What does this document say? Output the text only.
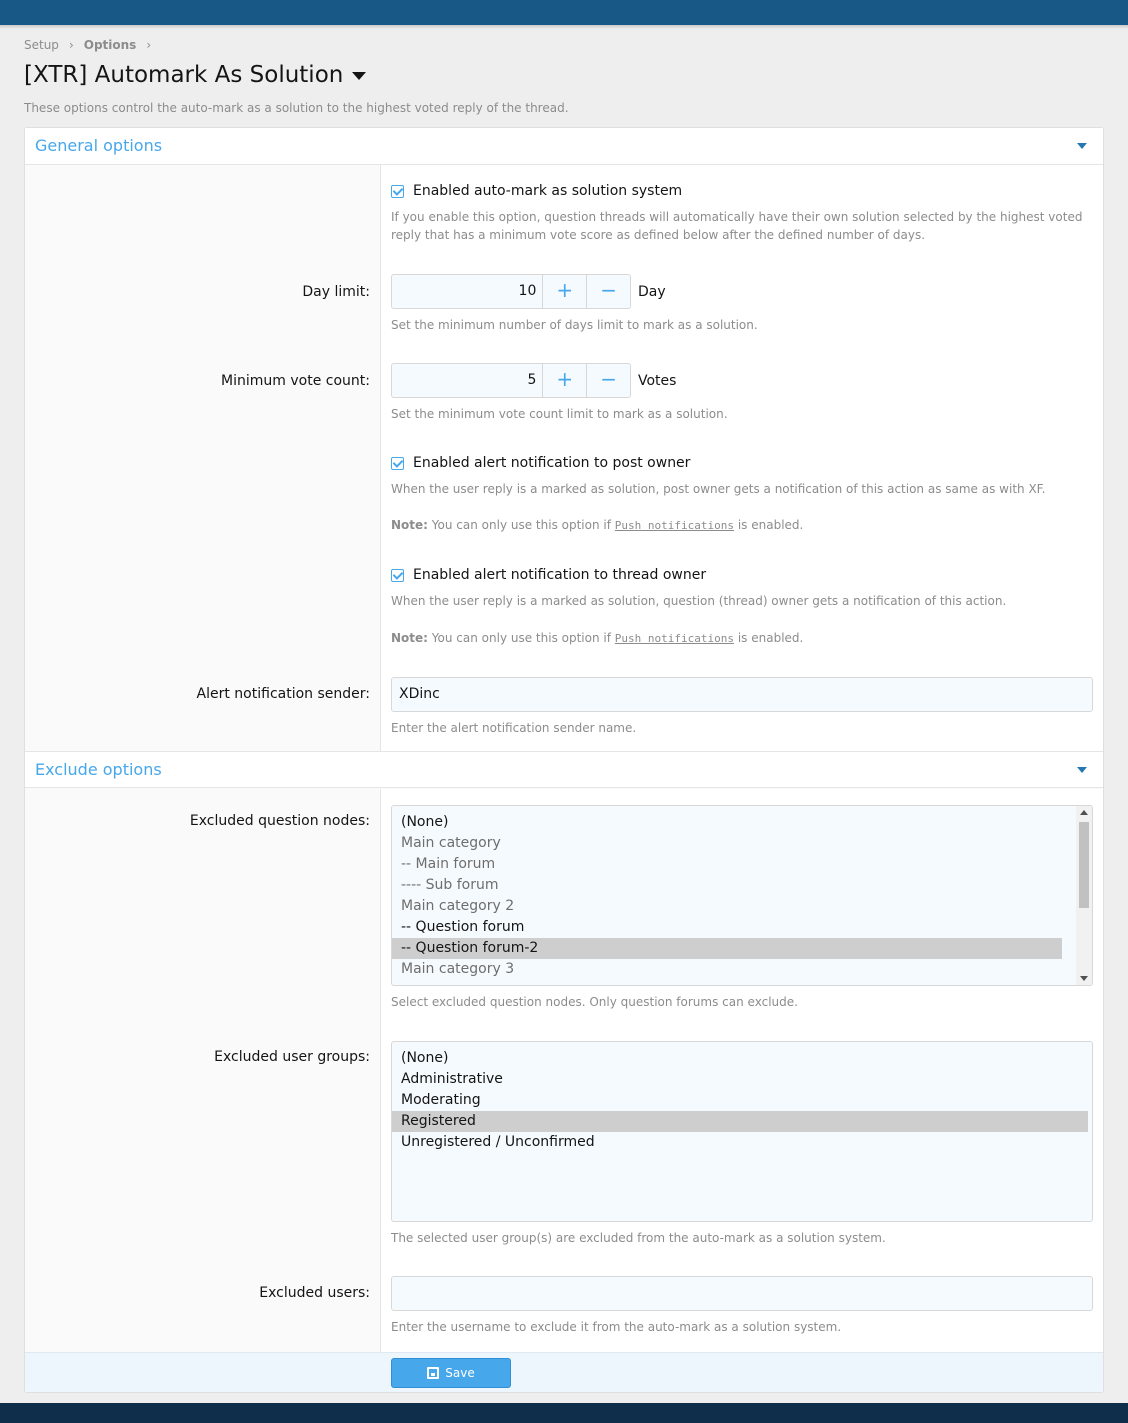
Setup › Options ›
[XTR] Automark As Solution
These options control the auto-mark as a solution to the highest voted reply of the thread.
General options
Enabled auto-mark as solution system
If you enable this option, question threads will automatically have their own solution selected by the highest voted reply that has a minimum vote score as defined below after the defined number of days.
Day limit:	10	+	−	Day
Set the minimum number of days limit to mark as a solution.
Minimum vote count:	5	+	−	Votes
Set the minimum vote count limit to mark as a solution.
Enabled alert notification to post owner
When the user reply is a marked as solution, post owner gets a notification of this action as same as with XF.
Note: You can only use this option if Push notifications is enabled.
Enabled alert notification to thread owner
When the user reply is a marked as solution, question (thread) owner gets a notification of this action.
Note: You can only use this option if Push notifications is enabled.
Alert notification sender:	XDinc
Enter the alert notification sender name.
Exclude options
Excluded question nodes:	(None)
Main category
-- Main forum
---- Sub forum
Main category 2
-- Question forum
-- Question forum-2
Main category 3
Select excluded question nodes. Only question forums can exclude.
Excluded user groups:	(None)
Administrative
Moderating
Registered
Unregistered / Unconfirmed
The selected user group(s) are excluded from the auto-mark as a solution system.
Excluded users:
Enter the username to exclude it from the auto-mark as a solution system.
Save
